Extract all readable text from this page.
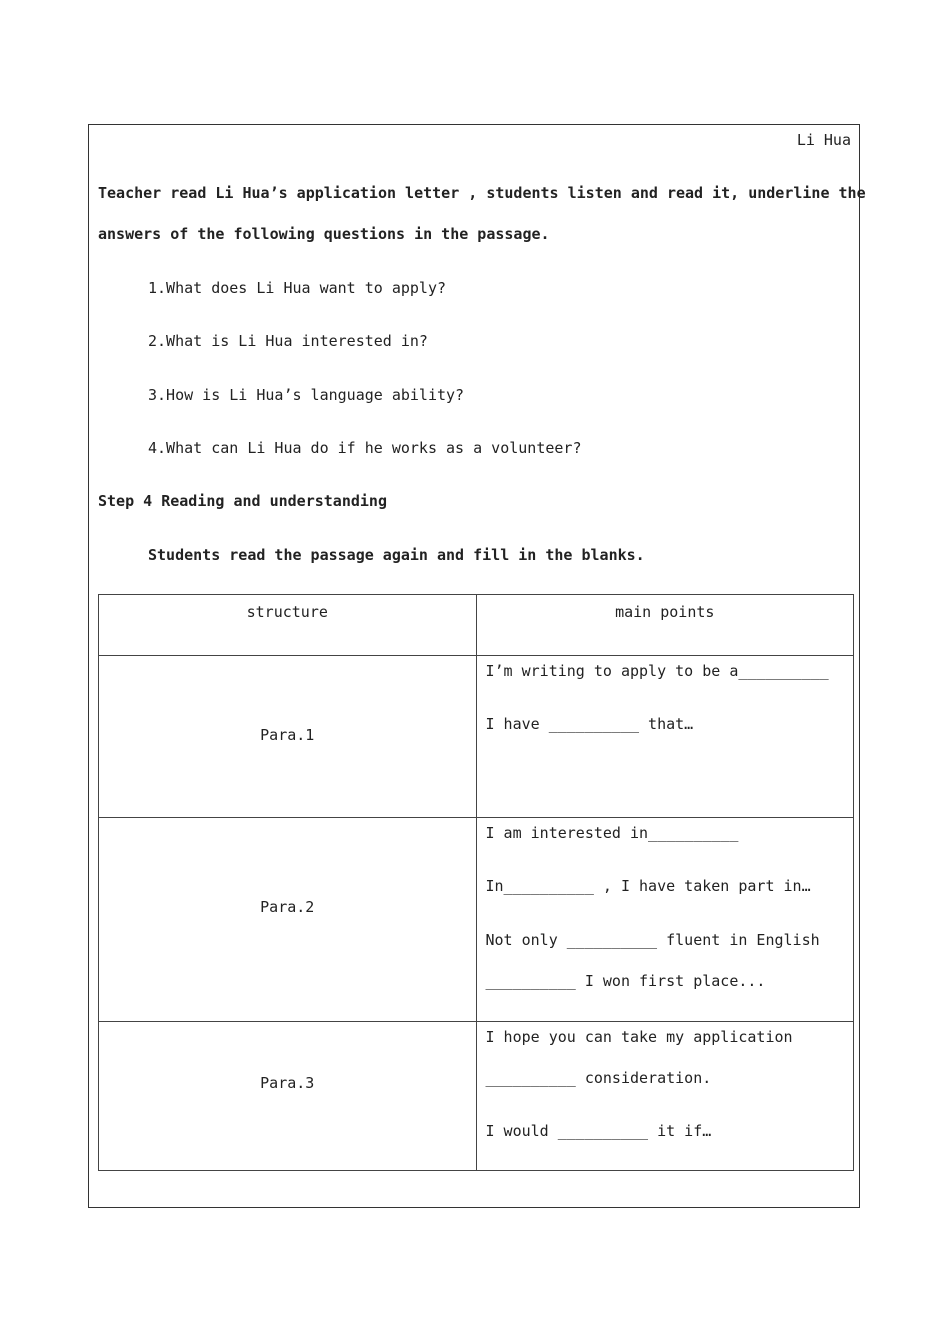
Li Hua
Teacher read Li Hua’s application letter , students listen and read it, underline the
answers of the following questions in the passage.
1.What does Li Hua want to apply?
2.What is Li Hua interested in?
3.How is Li Hua’s language ability?
4.What can Li Hua do if he works as a volunteer?
Step 4 Reading and understanding
Students read the passage again and fill in the blanks.
structure	main points

Para.1	I’m writing to apply to be a__________
I have __________ that…

Para.2	I am interested in__________
In__________ , I have taken part in…
Not only __________ fluent in English
__________ I won first place...

Para.3	I hope you can take my application
__________ consideration.
I would __________ it if…
